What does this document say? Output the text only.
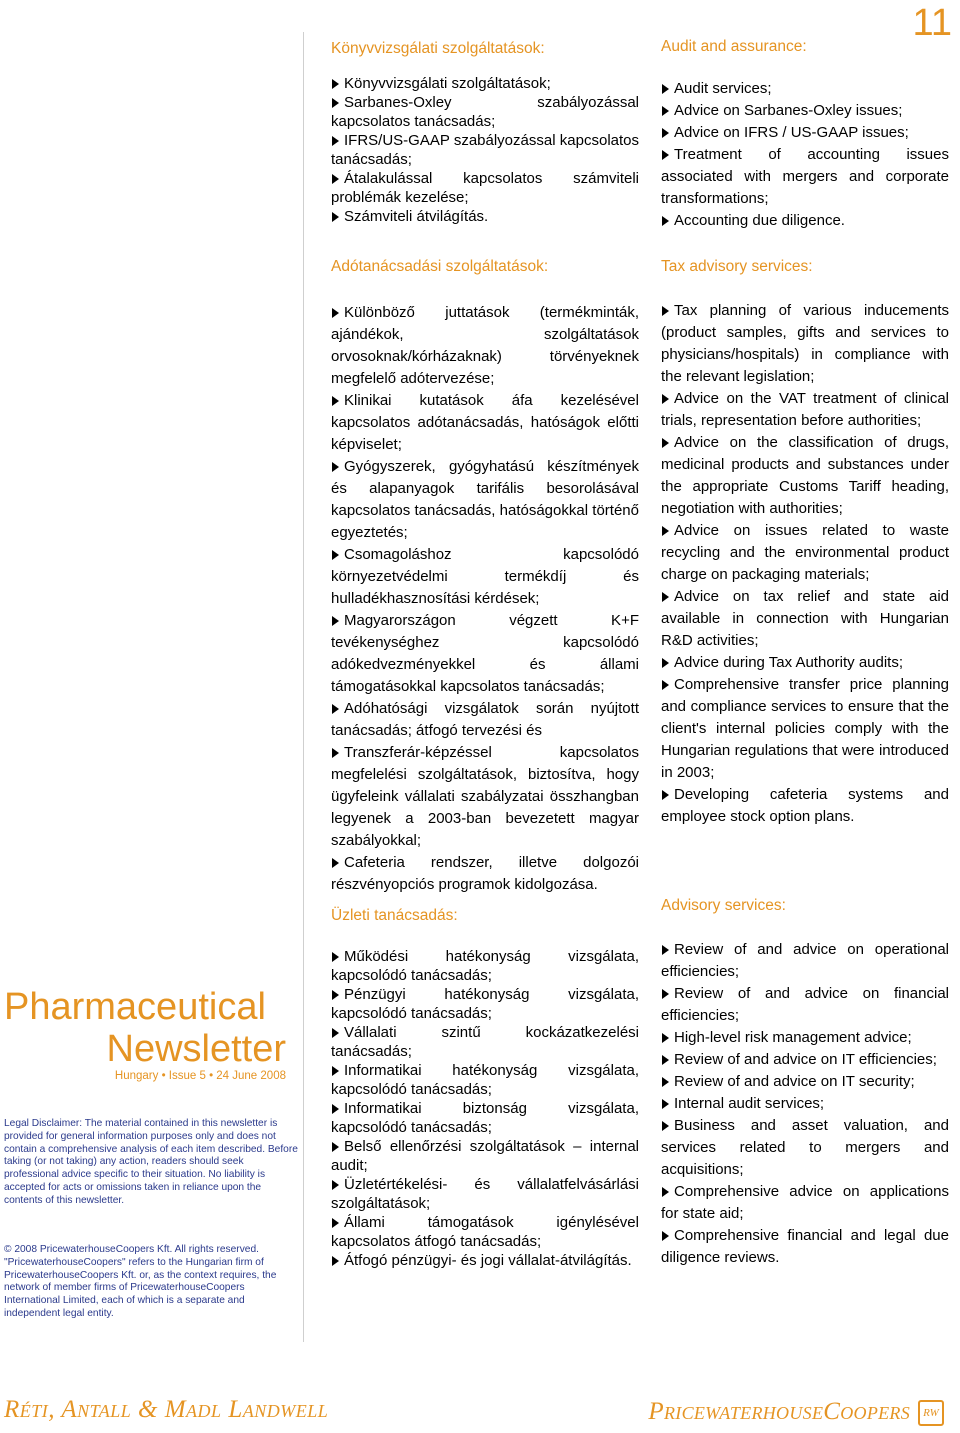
11
Könyvvizsgálati szolgáltatások:
Könyvvizsgálati szolgáltatások;
Sarbanes-Oxley szabályozással kapcsolatos tanácsadás;
IFRS/US-GAAP szabályozással kapcsolatos tanácsadás;
Átalakulással kapcsolatos számviteli problémák kezelése;
Számviteli átvilágítás.
Adótanácsadási szolgáltatások:
Különböző juttatások (termékminták, ajándékok, szolgáltatások orvosoknak/kórházaknak) törvényeknek megfelelő adótervezése;
Klinikai kutatások áfa kezelésével kapcsolatos adótanácsadás, hatóságok előtti képviselet;
Gyógyszerek, gyógyhatású készítmények és alapanyagok tarifális besorolásával kapcsolatos tanácsadás, hatóságokkal történő egyeztetés;
Csomagoláshoz kapcsolódó környezetvédelmi termékdíj és hulladékhasznosítási kérdések;
Magyarországon végzett K+F tevékenységhez kapcsolódó adókedvezményekkel és állami támogatásokkal kapcsolatos tanácsadás;
Adóhatósági vizsgálatok során nyújtott tanácsadás; átfogó tervezési és
Transzferár-képzéssel kapcsolatos megfelelési szolgáltatások, biztosítva, hogy ügyfeleink vállalati szabályzatai összhangban legyenek a 2003-ban bevezetett magyar szabályokkal;
Cafeteria rendszer, illetve dolgozói részvényopciós programok kidolgozása.
Üzleti tanácsadás:
Működési hatékonyság vizsgálata, kapcsolódó tanácsadás;
Pénzügyi hatékonyság vizsgálata, kapcsolódó tanácsadás;
Vállalati szintű kockázatkezelési tanácsadás;
Informatikai hatékonyság vizsgálata, kapcsolódó tanácsadás;
Informatikai biztonság vizsgálata, kapcsolódó tanácsadás;
Belső ellenőrzési szolgáltatások – internal audit;
Üzletértékelési- és vállalatfelvásárlási szolgáltatások;
Állami támogatások igénylésével kapcsolatos átfogó tanácsadás;
Átfogó pénzügyi- és jogi vállalat-átvilágítás.
Audit and assurance:
Audit services;
Advice on Sarbanes-Oxley issues;
Advice on IFRS / US-GAAP issues;
Treatment of accounting issues associated with mergers and corporate transformations;
Accounting due diligence.
Tax advisory services:
Tax planning of various inducements (product samples, gifts and services to physicians/hospitals) in compliance with the relevant legislation;
Advice on the VAT treatment of clinical trials, representation before authorities;
Advice on the classification of drugs, medicinal products and substances under the appropriate Customs Tariff heading, negotiation with authorities;
Advice on issues related to waste recycling and the environmental product charge on packaging materials;
Advice on tax relief and state aid available in connection with Hungarian R&D activities;
Advice during Tax Authority audits;
Comprehensive transfer price planning and compliance services to ensure that the client's internal policies comply with the Hungarian regulations that were introduced in 2003;
Developing cafeteria systems and employee stock option plans.
Advisory services:
Review of and advice on operational efficiencies;
Review of and advice on financial efficiencies;
High-level risk management advice;
Review of and advice on IT efficiencies;
Review of and advice on IT security;
Internal audit services;
Business and asset valuation, and services related to mergers and acquisitions;
Comprehensive advice on applications for state aid;
Comprehensive financial and legal due diligence reviews.
Pharmaceutical
Newsletter
Hungary • Issue 5 • 24 June 2008
Legal Disclaimer: The material contained in this newsletter is provided for general information purposes only and does not contain a comprehensive analysis of each item described. Before taking (or not taking) any action, readers should seek professional advice specific to their situation. No liability is accepted for acts or omissions taken in reliance upon the contents of this newsletter.
© 2008 PricewaterhouseCoopers Kft. All rights reserved. "PricewaterhouseCoopers" refers to the Hungarian firm of PricewaterhouseCoopers Kft. or, as the context requires, the network of member firms of PricewaterhouseCoopers International Limited, each of which is a separate and independent legal entity.
Réti, Antall & Madl Landwell	PricewaterhouseCoopers	RW
